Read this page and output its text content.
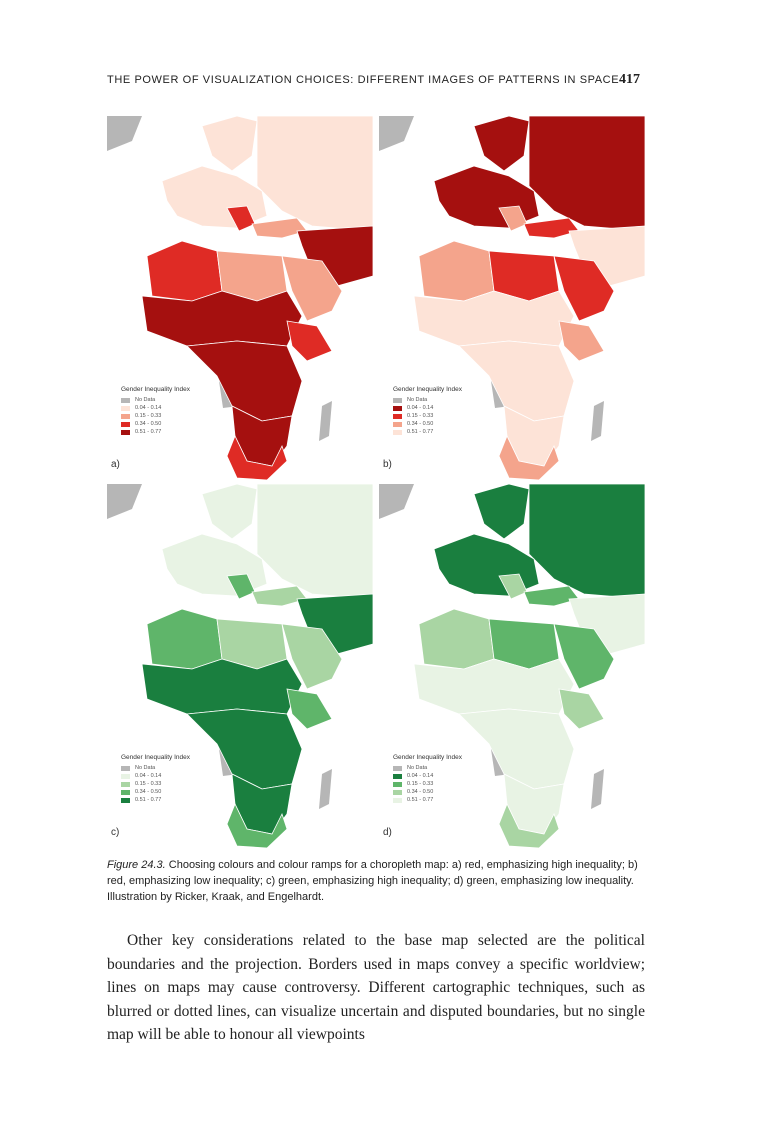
THE POWER OF VISUALIZATION CHOICES: DIFFERENT IMAGES OF PATTERNS IN SPACE 417
Gender Inequality Index
No Data
0.04 - 0.14
0.15 - 0.33
0.34 - 0.50
0.51 - 0.77
a)
Gender Inequality Index
No Data
0.04 - 0.14
0.15 - 0.33
0.34 - 0.50
0.51 - 0.77
b)
Gender Inequality Index
No Data
0.04 - 0.14
0.15 - 0.33
0.34 - 0.50
0.51 - 0.77
c)
Gender Inequality Index
No Data
0.04 - 0.14
0.15 - 0.33
0.34 - 0.50
0.51 - 0.77
d)
Figure 24.3. Choosing colours and colour ramps for a choropleth map: a) red, emphasizing high inequality; b) red, emphasizing low inequality; c) green, emphasizing high inequality; d) green, emphasizing low inequality. Illustration by Ricker, Kraak, and Engelhardt.

Other key considerations related to the base map selected are the political boundaries and the projection. Borders used in maps convey a specific worldview; lines on maps may cause controversy. Different cartographic techniques, such as blurred or dotted lines, can visualize uncertain and disputed boundaries, but no single map will be able to honour all viewpoints
